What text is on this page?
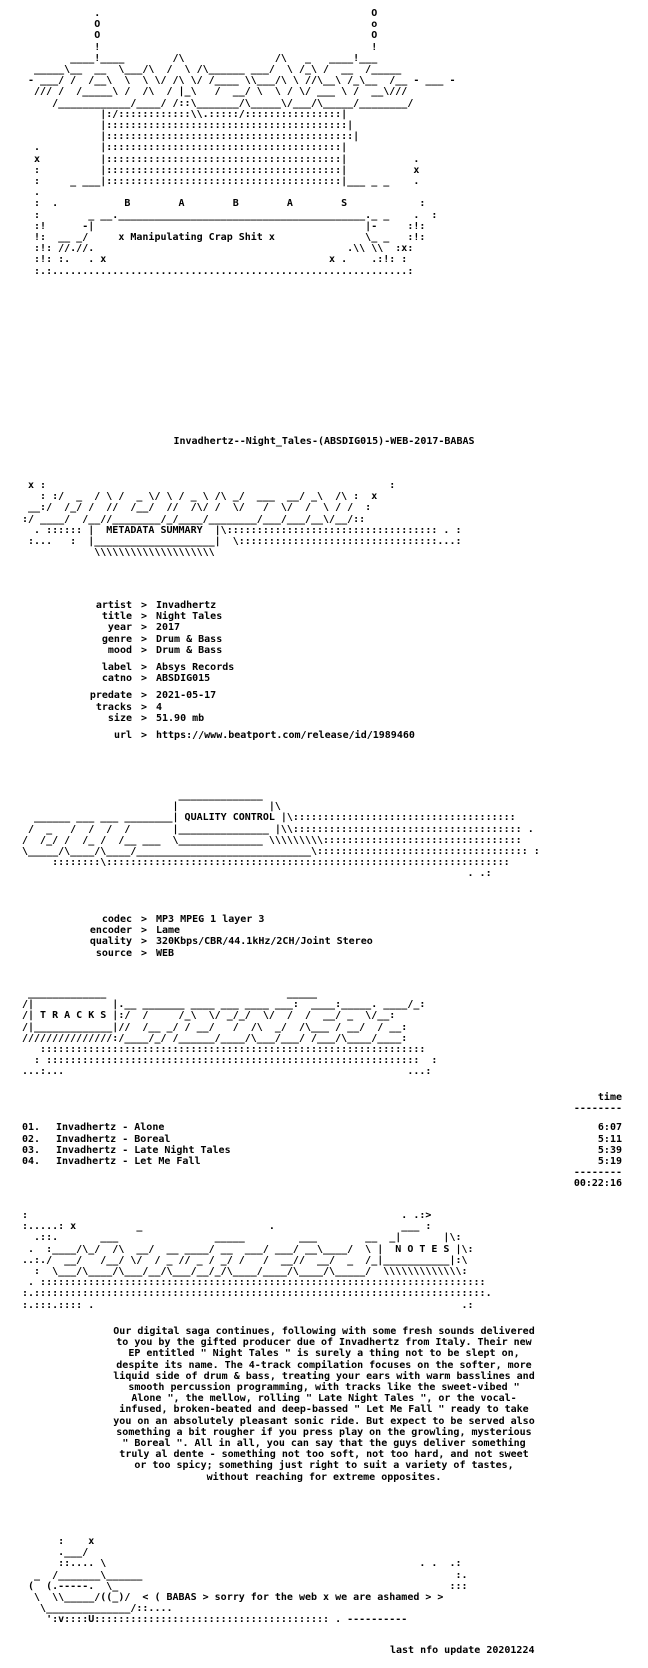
.                                             O
O                                             o
O                                             O
!                                             !
____!____        /\               /\   _   ____!___
_____\__  __  \___/\  /  \ /\______ ___/  \ /_\ /  __  /_____
- ___/ /  /__\  \  \ \/ /\ \/ /____ \\___/\ \ //\__\ /_\__  /__ - ___ -
/// /  /_____\ /  /\  / |_\   /  __/ \  \ / \/ ___ \ /  __\///
/____________/____/ /::\_______/\_____\/___/\_____/________/
|:/::::::::::::\\.:::::/::::::::::::::::|
|::::::::::::::::::::::::::::::::::::::::|
|:::::::::::::::::::::::::::::::::::::::::|
.          |:::::::::::::::::::::::::::::::::::::::|
x          |:::::::::::::::::::::::::::::::::::::::|           .
:          |:::::::::::::::::::::::::::::::::::::::|           x
:     _ ___|:::::::::::::::::::::::::::::::::::::::|___ _ _    .
.
:  .           B        A        B        A        S            :
:        _ __._________________________________________._ _    .  :
:!      -|                                             |-     :!:
!:  __ _/     x Manipulating Crap Shit x               \_ _   :!:
:!: //.//.                                          .\\ \\  :x:
:!: :.   . x                                     x .    .:!: :
:.:...........................................................:
Invadhertz--Night_Tales-(ABSDIG015)-WEB-2017-BABAS
x :                                                         :
: :/  _  / \ /  _ \/ \ / _ \ /\ _/  ___  __/ _\  /\ :  x
__:/  /_/ /  //  /__/  //  /\/ /  \/   /  \/  /  \ / /  :
:/ ____/  /__//________/_/____/________/___/___/__\/__/::
. :::::: |  METADATA SUMMARY  |\::::::::::::::::::::::::::::::::::: . :
:...   :  |____________________|  \:::::::::::::::::::::::::::::::::...:
\\\\\\\\\\\\\\\\\\\\
artist > Invadhertz
title > Night Tales
year > 2017
genre > Drum & Bass
mood > Drum & Bass
label > Absys Records
catno > ABSDIG015
predate > 2021-05-17
tracks > 4
size > 51.90 mb
url > https://www.beatport.com/release/id/1989460
______________
|               |\
______ ___ ___ ________| QUALITY CONTROL |\:::::::::::::::::::::::::::::::::::::
/  _   /  /  /  /       |_______________ |\\:::::::::::::::::::::::::::::::::::::: .
/  /_/ /  /_ /  /__ ___  \______________ \\\\\\\\\:::::::::::::::::::::::::::::::::
\_____/\____/\____/_____________________________\::::::::::::::::::::::::::::::::::: :
::::::::\:::::::::::::::::::::::::::::::::::::::::::::::::::::::::::::::::::
. .:
codec > MP3 MPEG 1 layer 3
encoder > Lame
quality > 320Kbps/CBR/44.1kHz/2CH/Joint Stereo
source > WEB
_____________                              _____
/|             |.__ _______ ____ ___ ____ ___:  ____:_____. ____/_:
/| T R A C K S |:/  /     /_\  \/ _/_/  \/  /  /  __/ _  \/__:
/|_____________|//  /__ _/ / __/   /  /\  _/  /\___ / __/  / __:
///////////////:/____/_/ /______/____/\___/___/ /___/\____/____:
::::::::::::::::::::::::::::::::::::::::::::::::::::::::::::::::
: ::::::::::::::::::::::::::::::::::::::::::::::::::::::::::::::  :
...:...                                                         ...:
time
--------
01.	Invadhertz - Alone	6:07
02.	Invadhertz - Boreal	5:11
03.	Invadhertz - Late Night Tales	5:39
04.	Invadhertz - Let Me Fall	5:19
--------
00:22:16
:                                                              . .:>
:.....: x          _                     .                     ___ :
.::.       ___                _____         ___        __  _|       |\:
.  :____/\_/  /\  __/  __ ____/ __  ___/ ___/ __\____/  \ |  N O T E S |\:
..:./  __/   /__/ \/  / _ // _ / _/ /   /  __//  __/  _  /_|___________|:\
:  \___/\____/\___/__/\___/__/_/\____/____/\____/\_____/  \\\\\\\\\\\\\:
. ::::::::::::::::::::::::::::::::::::::::::::::::::::::::::::::::::::::::::
:.:::::::::::::::::::::::::::::::::::::::::::::::::::::::::::::::::::::::::::.
:.:::.:::: .                                                             .:
Our digital saga continues, following with some fresh sounds delivered
to you by the gifted producer due of Invadhertz from Italy. Their new
EP entitled " Night Tales " is surely a thing not to be slept on,
despite its name. The 4-track compilation focuses on the softer, more
liquid side of drum & bass, treating your ears with warm basslines and
smooth percussion programming, with tracks like the sweet-vibed "
Alone ", the mellow, rolling " Late Night Tales ", or the vocal-
infused, broken-beated and deep-bassed " Let Me Fall " ready to take
you on an absolutely pleasant sonic ride. But expect to be served also
something a bit rougher if you press play on the growling, mysterious
" Boreal ". All in all, you can say that the guys deliver something
truly al dente - something not too soft, not too hard, and not sweet
or too spicy; something just right to suit a variety of tastes,
without reaching for extreme opposites.
:    x
.___/
::.... \                                                    . .  .:
_  /_______\______                                                    :.
(  (.-----.  \_                                                       :::
\  \\_____/((_)/  < ( BABAS > sorry for the web x we are ashamed > >
\______________/::....
':v::::U::::::::::::::::::::::::::::::::::::::: . ----------
last nfo update 20201224
